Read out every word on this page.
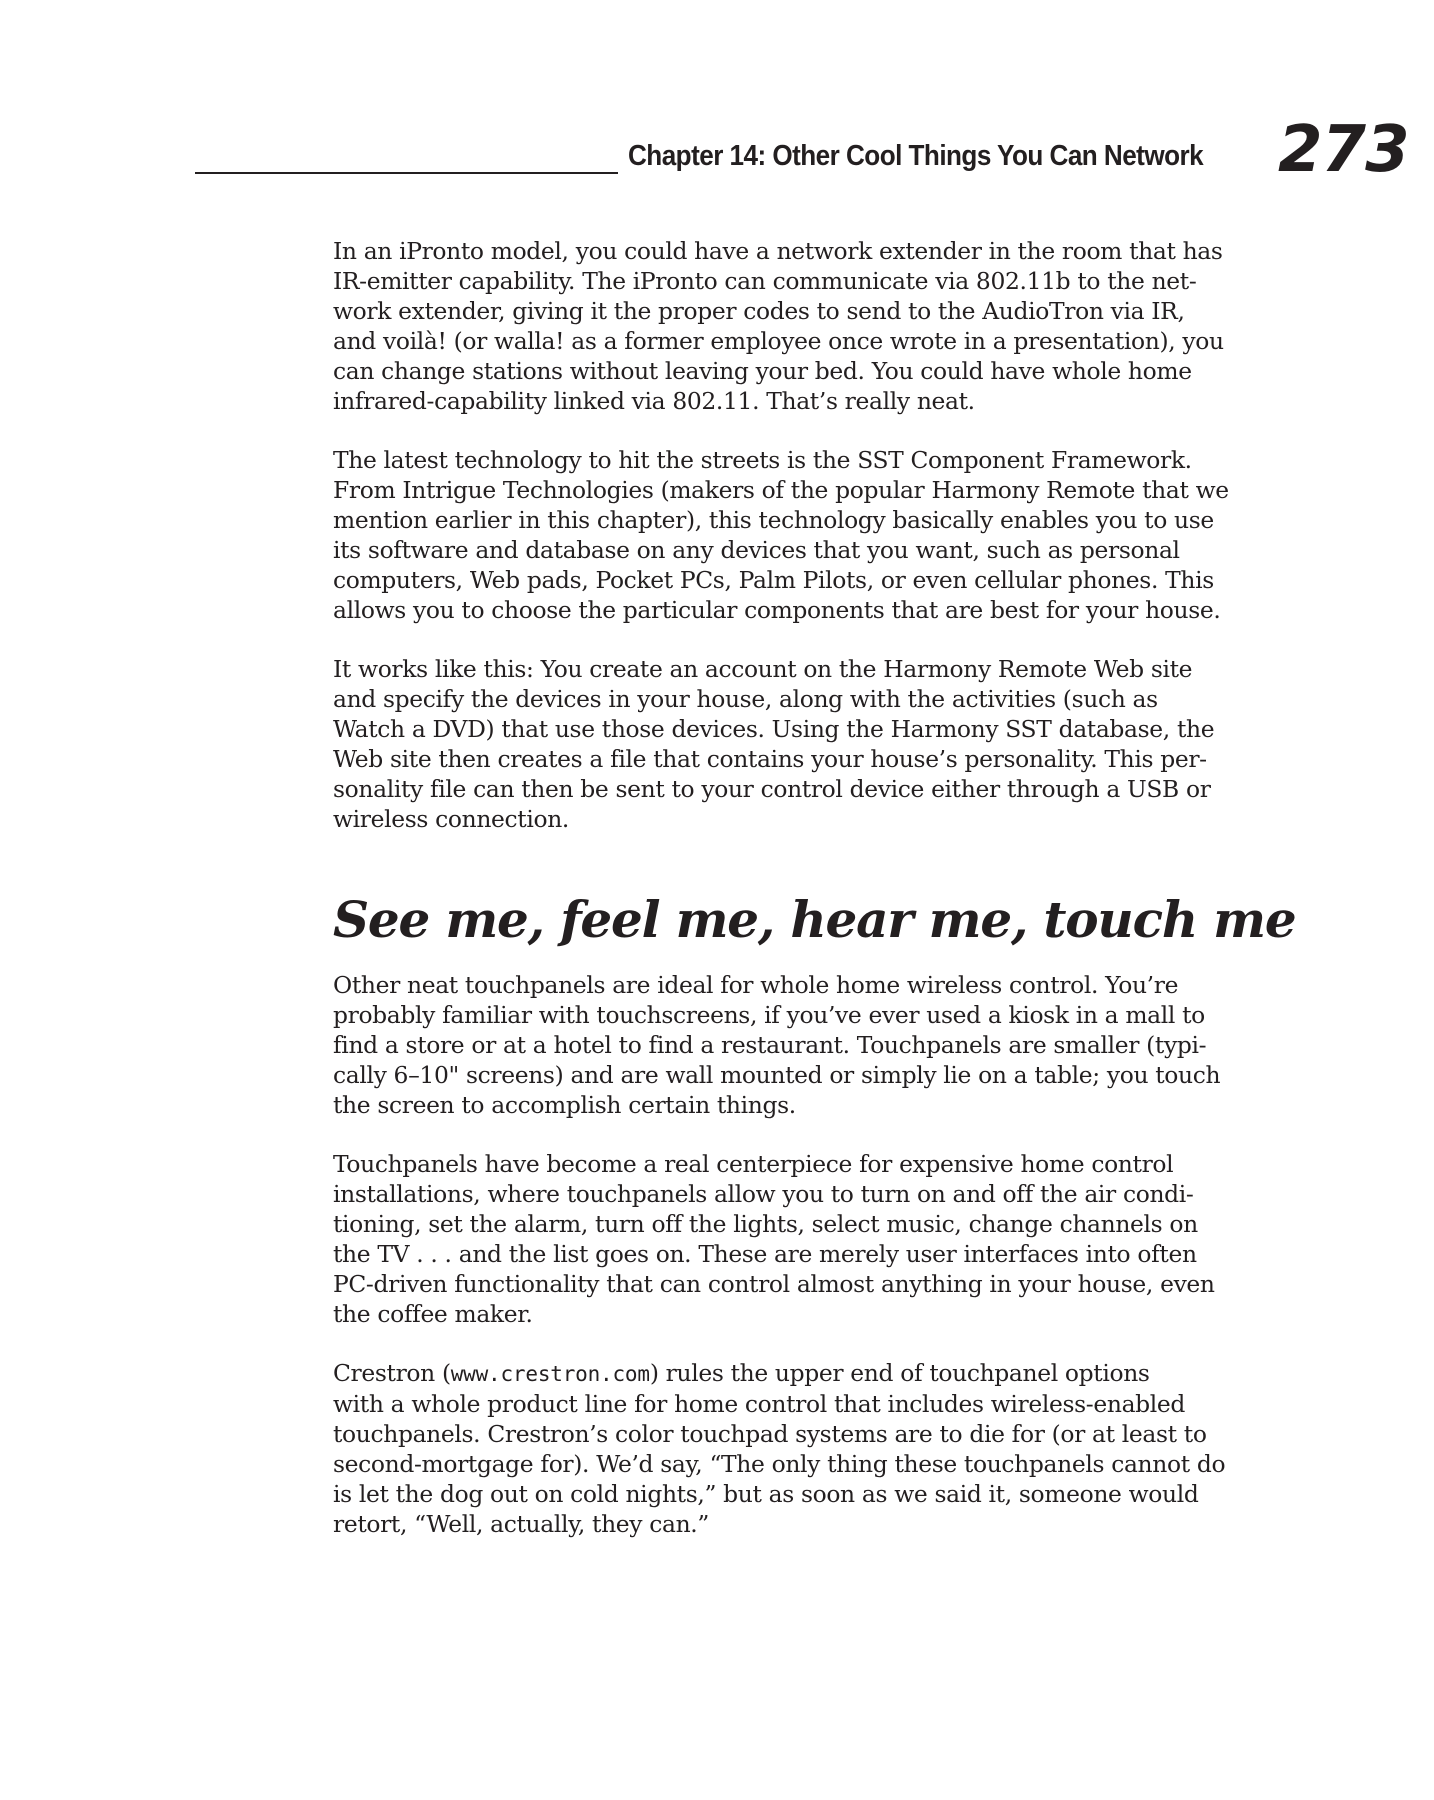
Chapter 14: Other Cool Things You Can Network 273

In an iPronto model, you could have a network extender in the room that has
IR-emitter capability. The iPronto can communicate via 802.11b to the net-
work extender, giving it the proper codes to send to the AudioTron via IR,
and voilà! (or walla! as a former employee once wrote in a presentation), you
can change stations without leaving your bed. You could have whole home
infrared-capability linked via 802.11. That’s really neat.

The latest technology to hit the streets is the SST Component Framework.
From Intrigue Technologies (makers of the popular Harmony Remote that we
mention earlier in this chapter), this technology basically enables you to use
its software and database on any devices that you want, such as personal
computers, Web pads, Pocket PCs, Palm Pilots, or even cellular phones. This
allows you to choose the particular components that are best for your house.

It works like this: You create an account on the Harmony Remote Web site
and specify the devices in your house, along with the activities (such as
Watch a DVD) that use those devices. Using the Harmony SST database, the
Web site then creates a file that contains your house’s personality. This per-
sonality file can then be sent to your control device either through a USB or
wireless connection.

See me, feel me, hear me, touch me

Other neat touchpanels are ideal for whole home wireless control. You’re
probably familiar with touchscreens, if you’ve ever used a kiosk in a mall to
find a store or at a hotel to find a restaurant. Touchpanels are smaller (typi-
cally 6–10" screens) and are wall mounted or simply lie on a table; you touch
the screen to accomplish certain things.

Touchpanels have become a real centerpiece for expensive home control
installations, where touchpanels allow you to turn on and off the air condi-
tioning, set the alarm, turn off the lights, select music, change channels on
the TV . . . and the list goes on. These are merely user interfaces into often
PC-driven functionality that can control almost anything in your house, even
the coffee maker.

Crestron (www.crestron.com) rules the upper end of touchpanel options
with a whole product line for home control that includes wireless-enabled
touchpanels. Crestron’s color touchpad systems are to die for (or at least to
second-mortgage for). We’d say, “The only thing these touchpanels cannot do
is let the dog out on cold nights,” but as soon as we said it, someone would
retort, “Well, actually, they can.”
